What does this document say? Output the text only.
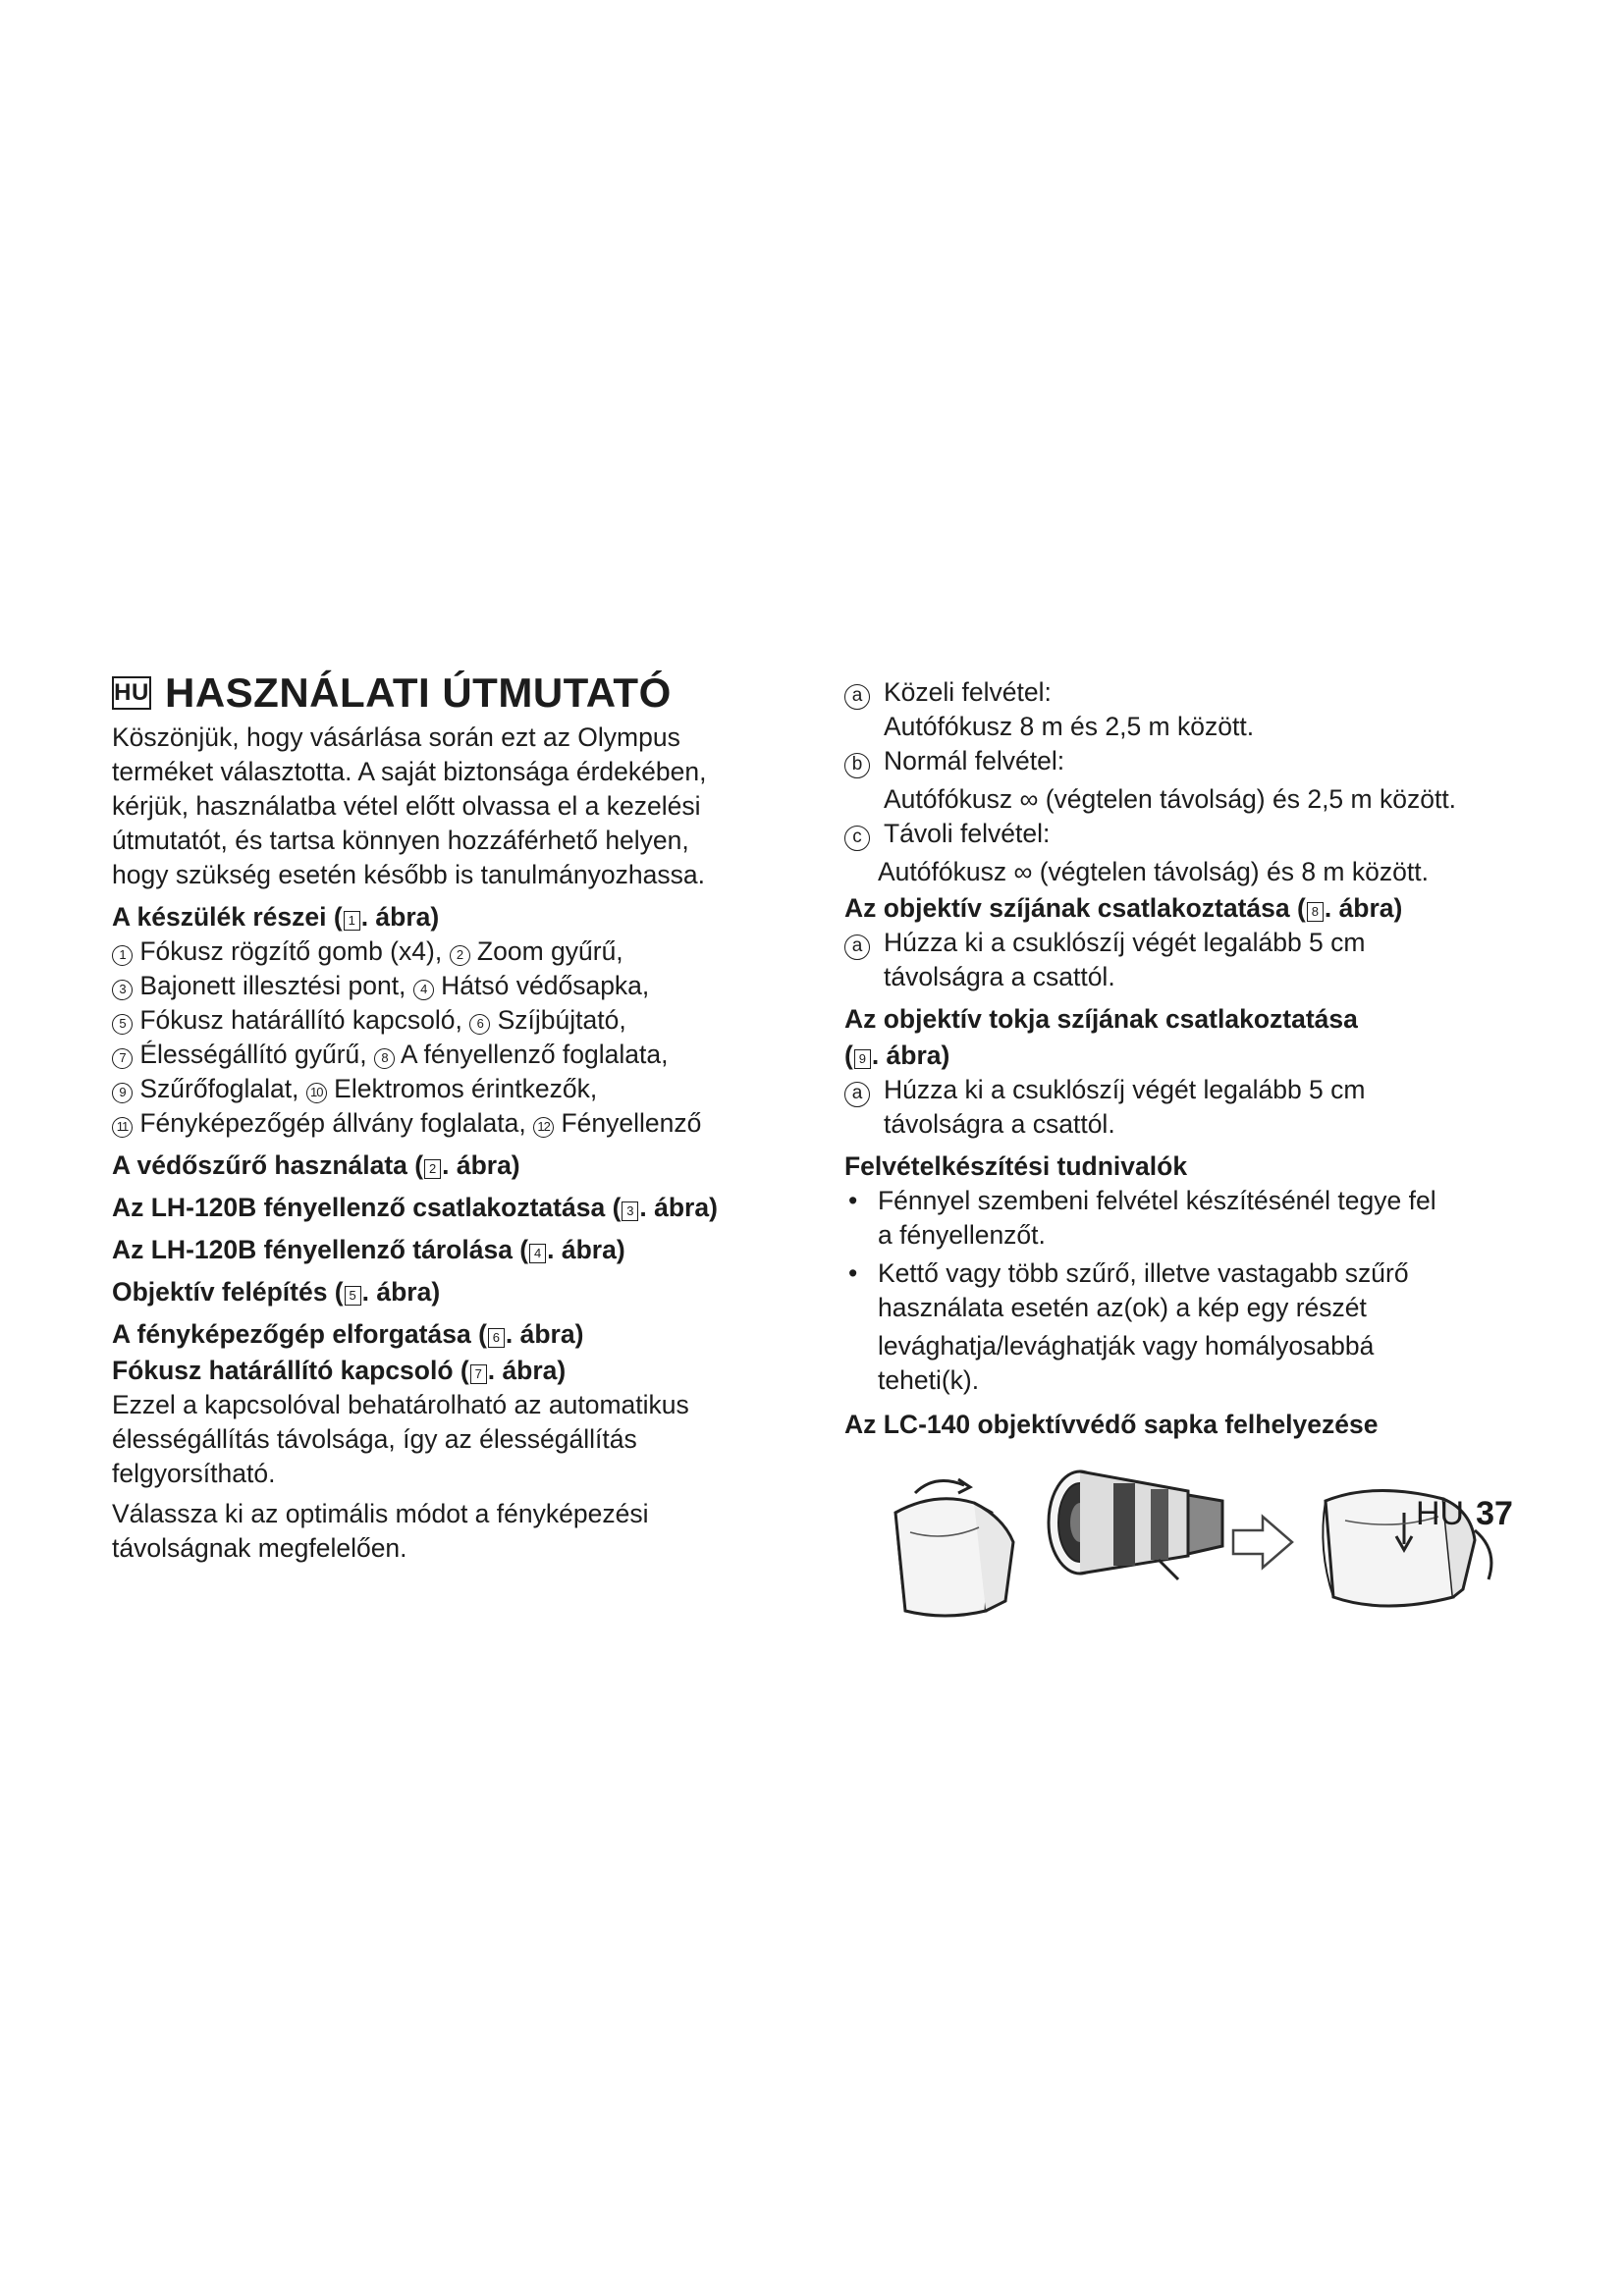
HU HASZNÁLATI ÚTMUTATÓ

Köszönjük, hogy vásárlása során ezt az Olympus

terméket választotta. A saját biztonsága érdekében,

kérjük, használatba vétel előtt olvassa el a kezelési

útmutatót, és tartsa könnyen hozzáférhető helyen,

hogy szükség esetén később is tanulmányozhassa.

A készülék részei ( 1 . ábra)

1 Fókusz rögzítő gomb (x4), 2 Zoom gyűrű,

3 Bajonett illesztési pont, 4 Hátsó védősapka,

5 Fókusz határállító kapcsoló, 6 Szíjbújtató,

7 Élességállító gyűrű, 8 A fényellenző foglalata,

9 Szűrőfoglalat, 10 Elektromos érintkezők,

11 Fényképezőgép állvány foglalata, 12 Fényellenző

A védőszűrő használata ( 2 . ábra)

Az LH-120B fényellenző csatlakoztatása ( 3 . ábra)

Az LH-120B fényellenző tárolása ( 4 . ábra)

Objektív felépítés ( 5 . ábra)

A fényképezőgép elforgatása ( 6 . ábra)

Fókusz határállító kapcsoló ( 7 . ábra)

Ezzel a kapcsolóval behatárolható az automatikus

élességállítás távolsága, így az élességállítás

felgyorsítható.

Válassza ki az optimális módot a fényképezési

távolságnak megfelelően.

a Közeli felvétel:

Autófókusz 8 m és 2,5 m között.

b Normál felvétel:

Autófókusz ∞ (végtelen távolság) és 2,5 m között.

c Távoli felvétel:

Autófókusz ∞ (végtelen távolság) és 8 m között.

Az objektív szíjának csatlakoztatása ( 8 . ábra)

a Húzza ki a csuklószíj végét legalább 5 cm

távolságra a csattól.

Az objektív tokja szíjának csatlakoztatása

( 9 . ábra)

a Húzza ki a csuklószíj végét legalább 5 cm

távolságra a csattól.

Felvételkészítési tudnivalók

• Fénnyel szembeni felvétel készítésénél tegye fel

a fényellenzőt.

• Kettő vagy több szűrő, illetve vastagabb szűrő

használata esetén az(ok) a kép egy részét

levághatja/levághatják vagy homályosabbá

teheti(k).

Az LC-140 objektívvédő sapka felhelyezése

HU 37
